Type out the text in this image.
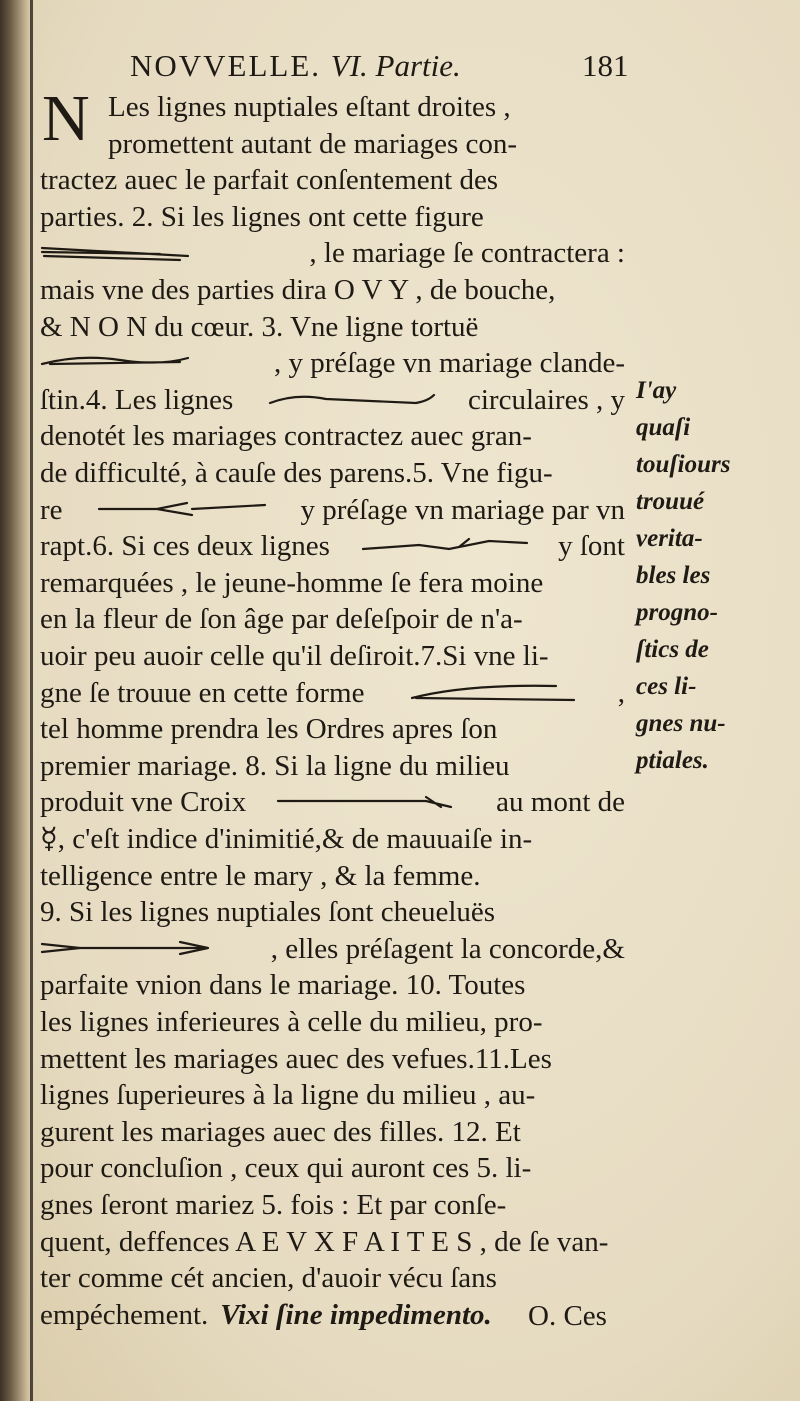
NOVVELLE. VI. Partie.	181
N Les lignes nuptiales eſtant droites ,
promettent autant de mariages con-
tractez auec le parfait conſentement des
parties. 2. Si les lignes ont cette figure
, le mariage ſe contractera :
mais vne des parties dira O V Y , de bouche,
& N O N du cœur. 3. Vne ligne tortuë
, y préſage vn mariage clande-
ſtin.4. Les lignes	circulaires , y
denotét les mariages contractez auec gran-
de difficulté, à cauſe des parens.5. Vne figu-
re	y préſage vn mariage par vn
rapt.6. Si ces deux lignes	y ſont
remarquées , le jeune-homme ſe fera moine
en la fleur de ſon âge par deſeſpoir de n'a-
uoir peu auoir celle qu'il deſiroit.7.Si vne li-
gne ſe trouue en cette forme	,
tel homme prendra les Ordres apres ſon
premier mariage. 8. Si la ligne du milieu
produit vne Croix	au mont de
☿, c'eſt indice d'inimitié,& de mauuaiſe in-
telligence entre le mary , & la femme.
9. Si les lignes nuptiales ſont cheueluës
, elles préſagent la concorde,&
parfaite vnion dans le mariage. 10. Toutes
les lignes inferieures à celle du milieu, pro-
mettent les mariages auec des vefues.11.Les
lignes ſuperieures à la ligne du milieu , au-
gurent les mariages auec des filles. 12. Et
pour concluſion , ceux qui auront ces 5. li-
gnes ſeront mariez 5. fois : Et par conſe-
quent, deffences A E V X F A I T E S , de ſe van-
ter comme cét ancien, d'auoir vécu ſans
empéchement. Vixi ſine impedimento.
I'ay
quaſi
touſiours
trouué
verita-
bles les
progno-
ſtics de
ces li-
gnes nu-
ptiales.
O. Ces
